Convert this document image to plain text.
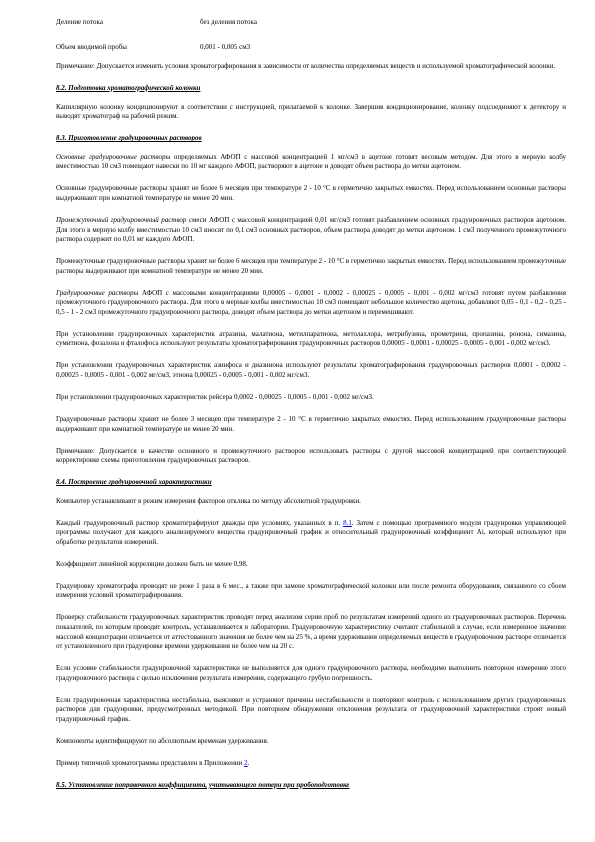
Деление потока	без деления потока
Объем вводимой пробы	0,001 - 0,005 см3

Примечание: Допускается изменять условия хроматографирования в зависимости от количества определяемых веществ и используемой хроматографической колонки.

8.2. Подготовка хроматографической колонки

Капиллярную колонку кондиционируют в соответствии с инструкцией, прилагаемой к колонке. Завершив кондиционирование, колонку подсоединяют к детектору и выводят хроматограф на рабочий режим.

8.3. Приготовление градуировочных растворов

Основные градуировочные растворы определяемых АФОП с массовой концентрацией 1 мг/см3 в ацетоне готовят весовым методом. Для этого в мерную колбу вместимостью 10 см3 помещают навески по 10 мг каждого АФОП, растворяют в ацетоне и доводят объем раствора до метки ацетоном.

Основные градуировочные растворы хранят не более 6 месяцев при температуре 2 - 10 °С в герметично закрытых емкостях. Перед использованием основные растворы выдерживают при комнатной температуре не менее 20 мин.

Промежуточный градуировочный раствор смеси АФОП с массовой концентрацией 0,01 мг/см3 готовят разбавлением основных градуировочных растворов ацетоном. Для этого в мерную колбу вместимостью 10 см3 вносят по 0,1 см3 основных растворов, объем раствора доводят до метки ацетоном. 1 см3 полученного промежуточного раствора содержит по 0,01 мг каждого АФОП.

Промежуточные градуировочные растворы хранят не более 6 месяцев при температуре 2 - 10 °С в герметично закрытых емкостях. Перед использованием промежуточные растворы выдерживают при комнатной температуре не менее 20 мин.

Градуировочные растворы АФОП с массовыми концентрациями 0,00005 - 0,0001 - 0,0002 - 0,00025 - 0,0005 - 0,001 - 0,002 мг/см3 готовят путем разбавления промежуточного градуировочного раствора. Для этого в мерные колбы вместимостью 10 см3 помещают небольшое количество ацетона, добавляют 0,05 - 0,1 - 0,2 - 0,25 - 0,5 - 1 - 2 см3 промежуточного градуировочного раствора, доводят объем раствора до метки ацетоном и перемешивают.

При установлении градуировочных характеристик атразина, малатиона, метилпаратиона, метолахлора, метрибузина, прометрина, пропазина, ронона, симазина, сумитиона, фозалона и фталофоса используют результаты хроматографирования градуировочных растворов 0,00005 - 0,0001 - 0,00025 - 0,0005 - 0,001 - 0,002 мг/см3.

При установлении градуировочных характеристик азинфоса и диазинона используют результаты хроматографирования градуировочных растворов 0,0001 - 0,0002 - 0,00025 - 0,0005 - 0,001 - 0,002 мг/см3, этиона 0,00025 - 0,0005 - 0,001 - 0,002 мг/см3.

При установлении градуировочных характеристик рейсера 0,0002 - 0,00025 - 0,0005 - 0,001 - 0,002 мг/см3.

Градуировочные растворы хранят не более 3 месяцев при температуре 2 - 10 °С в герметично закрытых емкостях. Перед использованием градуировочные растворы выдерживают при комнатной температуре не менее 20 мин.

Примечание: Допускается в качестве основного и промежуточного растворов использовать растворы с другой массовой концентрацией при соответствующей корректировке схемы приготовления градуировочных растворов.

8.4. Построение градуировочной характеристики

Компьютер устанавливают в режим измерения факторов отклика по методу абсолютной градуировки.

Каждый градуировочный раствор хроматографируют дважды при условиях, указанных в п. 8.1. Затем с помощью программного модуля градуировки управляющей программы получают для каждого анализируемого вещества градуировочный график и относительный градуировочный коэффициент Ai, который используют при обработке результатов измерений.

Коэффициент линейной корреляции должен быть не менее 0,98.

Градуировку хроматографа проводят не реже 1 раза в 6 мес., а также при замене хроматографической колонки или после ремонта оборудования, связанного со сбоем измерения условий хроматографирования.

Проверку стабильности градуировочных характеристик проводят перед анализом серии проб по результатам измерений одного из градуировочных растворов. Перечень показателей, по которым проводят контроль, устанавливается в лаборатории. Градуировочную характеристику считают стабильной в случае, если измеренное значение массовой концентрации отличается от аттестованного значения не более чем на 25 %, а время удерживания определяемых веществ в градуировочном растворе отличается от установленного при градуировке времени удерживания не более чем на 20 с.

Если условие стабильности градуировочной характеристики не выполняется для одного градуировочного раствора, необходимо выполнить повторное измерение этого градуировочного раствора с целью исключения результата измерения, содержащего грубую погрешность.

Если градуировочная характеристика нестабильна, выясняют и устраняют причины нестабильности и повторяют контроль с использованием других градуировочных растворов для градуировки, предусмотренных методикой. При повторном обнаружении отклонения результата от градуировочной характеристики строят новый градуировочный график.

Компоненты идентифицируют по абсолютным временам удерживания.

Пример типичной хроматограммы представлен в Приложении 2.

8.5. Установление поправочного коэффициента, учитывающего потери при пробоподготовке
